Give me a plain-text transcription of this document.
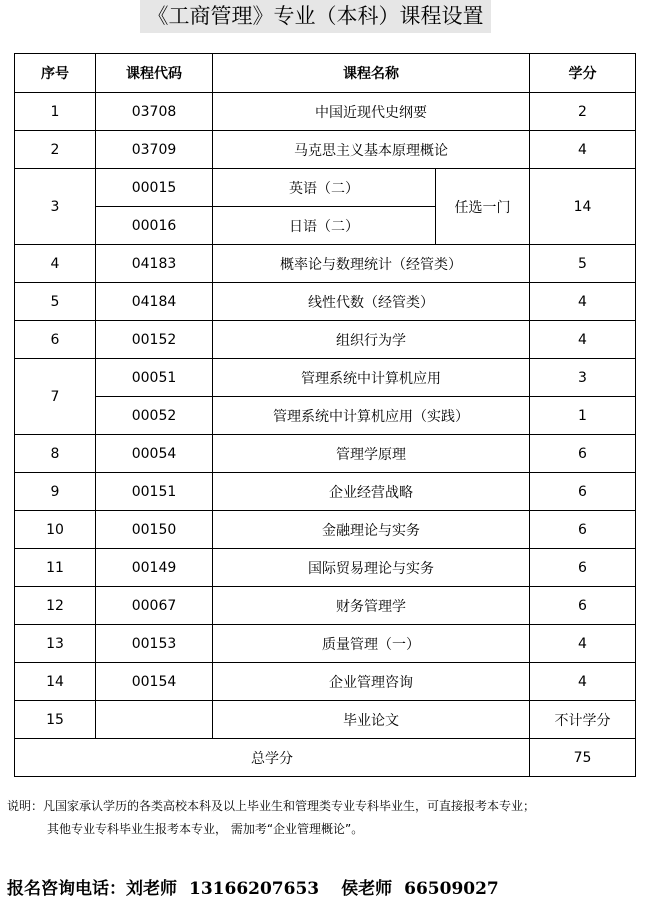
《工商管理》专业（本科）课程设置
序号	课程代码	课程名称		学分
1	03708	中国近现代史纲要		2
2	03709	马克思主义基本原理概论		4
3	00015	英语（二）	任选一门	14
	00016	日语（二）		
4	04183	概率论与数理统计（经管类）		5
5	04184	线性代数（经管类）		4
6	00152	组织行为学		4
7	00051	管理系统中计算机应用		3
	00052	管理系统中计算机应用（实践）		1
8	00054	管理学原理		6
9	00151	企业经营战略		6
10	00150	金融理论与实务		6
11	00149	国际贸易理论与实务		6
12	00067	财务管理学		6
13	00153	质量管理（一）		4
14	00154	企业管理咨询		4
15		毕业论文		不计学分
总学分				75
说明：凡国家承认学历的各类高校本科及以上毕业生和管理类专业专科毕业生，可直接报考本专业；
其他专业专科毕业生报考本专业， 需加考“企业管理概论”。
报名咨询电话：刘老师 13166207653 侯老师 66509027
